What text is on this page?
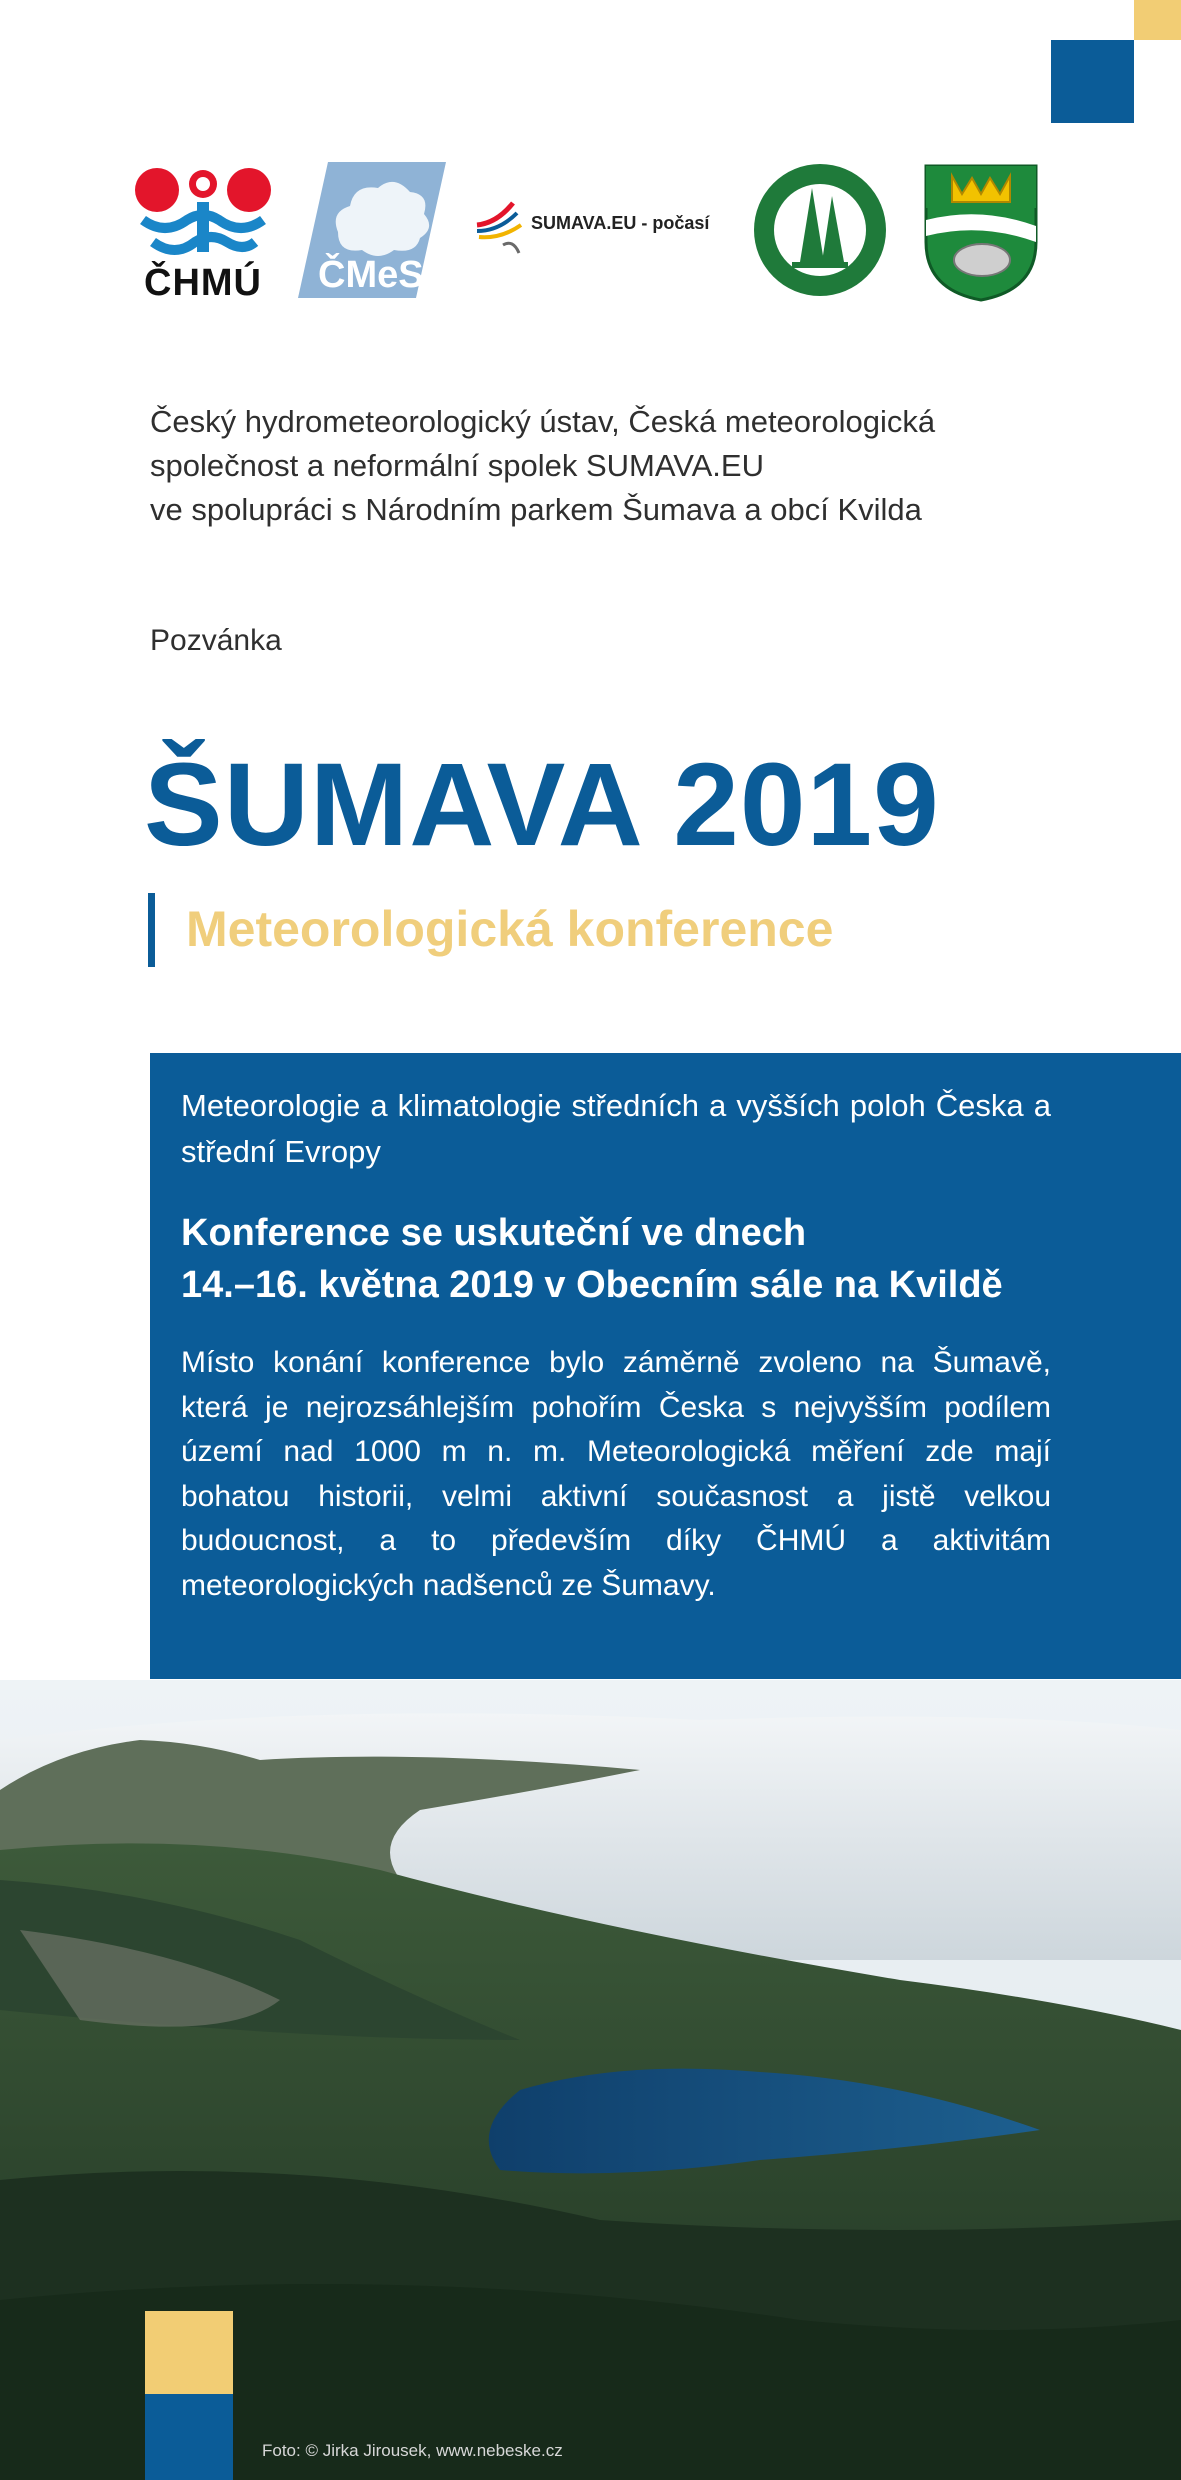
ČHMÚ ČMeS
SUMAVA.EU - počasí
Český hydrometeorologický ústav, Česká meteorologická
společnost a neformální spolek SUMAVA.EU
ve spolupráci s Národním parkem Šumava a obcí Kvilda
Pozvánka
ŠUMAVA 2019
Meteorologická konference
Meteorologie a klimatologie středních a vyšších poloh Česka a střední Evropy
Konference se uskuteční ve dnech
14.–16. května 2019 v Obecním sále na Kvildě
Místo konání konference bylo záměrně zvoleno na Šumavě, která je nejrozsáhlejším pohořím Česka s nejvyšším podílem území nad 1000 m n. m. Meteorologická měření zde mají bohatou historii, velmi aktivní současnost a jistě velkou budoucnost, a to především díky ČHMÚ a aktivitám meteorologických nadšenců ze Šumavy.
Foto: © Jirka Jirousek, www.nebeske.cz
